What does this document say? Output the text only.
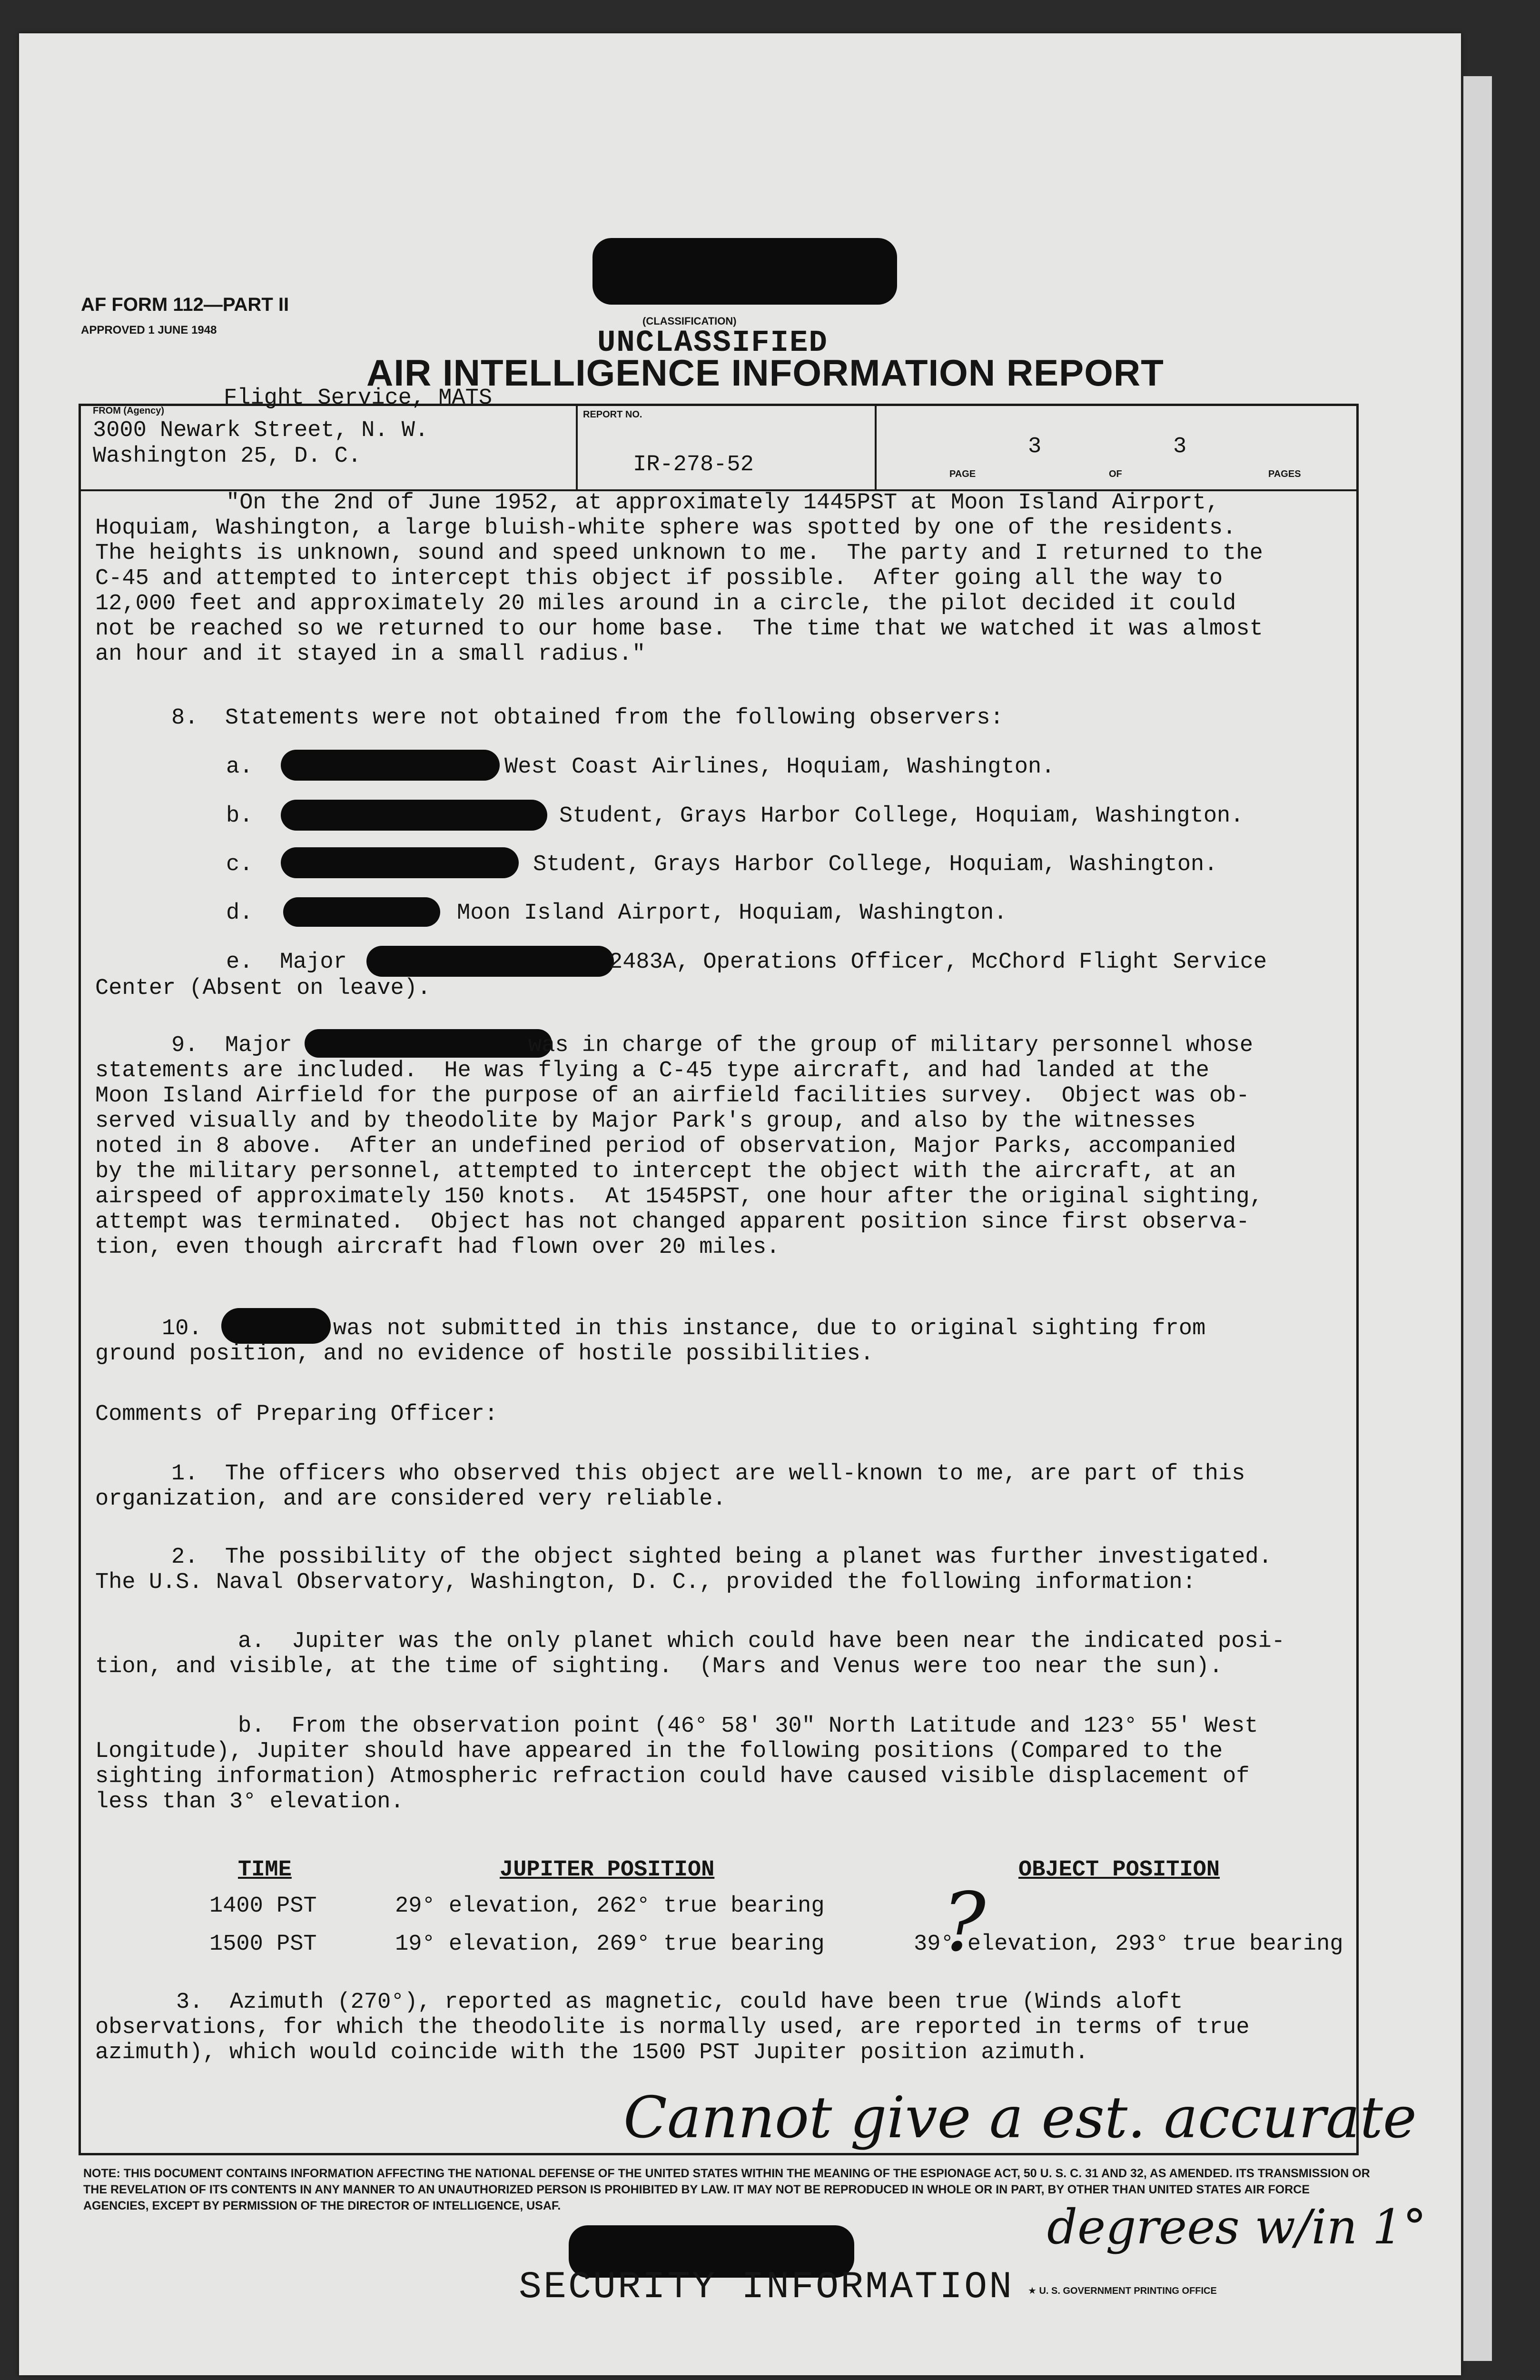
AF FORM 112—PART II
APPROVED 1 JUNE 1948
(CLASSIFICATION)
UNCLASSIFIED
AIR INTELLIGENCE INFORMATION REPORT
FROM (Agency)	Flight Service, MATS
3000 Newark Street, N. W.
Washington 25, D. C.
REPORT NO.
IR-278-52	PAGE
3
OF
3
PAGES
"On the 2nd of June 1952, at approximately 1445PST at Moon Island Airport,
Hoquiam, Washington, a large bluish-white sphere was spotted by one of the residents.
The heights is unknown, sound and speed unknown to me.  The party and I returned to the
C-45 and attempted to intercept this object if possible.  After going all the way to
12,000 feet and approximately 20 miles around in a circle, the pilot decided it could
not be reached so we returned to our home base.  The time that we watched it was almost
an hour and it stayed in a small radius."
8.  Statements were not obtained from the following observers:
a.	West Coast Airlines, Hoquiam, Washington.
b.	Student, Grays Harbor College, Hoquiam, Washington.
c.	Student, Grays Harbor College, Hoquiam, Washington.
d.	Moon Island Airport, Hoquiam, Washington.
e.  Major	2483A, Operations Officer, McChord Flight Service
Center (Absent on leave).
9.  Major	was in charge of the group of military personnel whose
statements are included.  He was flying a C-45 type aircraft, and had landed at the
Moon Island Airfield for the purpose of an airfield facilities survey.  Object was ob-
served visually and by theodolite by Major Park's group, and also by the witnesses
noted in 8 above.  After an undefined period of observation, Major Parks, accompanied
by the military personnel, attempted to intercept the object with the aircraft, at an
airspeed of approximately 150 knots.  At 1545PST, one hour after the original sighting,
attempt was terminated.  Object has not changed apparent position since first observa-
tion, even though aircraft had flown over 20 miles.
10.	was not submitted in this instance, due to original sighting from
ground position, and no evidence of hostile possibilities.
Comments of Preparing Officer:
1.  The officers who observed this object are well-known to me, are part of this
organization, and are considered very reliable.
2.  The possibility of the object sighted being a planet was further investigated.
The U.S. Naval Observatory, Washington, D. C., provided the following information:
a.  Jupiter was the only planet which could have been near the indicated posi-
tion, and visible, at the time of sighting.  (Mars and Venus were too near the sun).
b.  From the observation point (46° 58' 30" North Latitude and 123° 55' West
Longitude), Jupiter should have appeared in the following positions (Compared to the
sighting information) Atmospheric refraction could have caused visible displacement of
less than 3° elevation.
TIME	JUPITER POSITION	OBJECT POSITION
1400 PST	29° elevation, 262° true bearing
1500 PST	19° elevation, 269° true bearing	39° elevation, 293° true bearing
3.  Azimuth (270°), reported as magnetic, could have been true (Winds aloft
observations, for which the theodolite is normally used, are reported in terms of true
azimuth), which would coincide with the 1500 PST Jupiter position azimuth.
?
Cannot give a est. accurate
degrees w/in 1°
NOTE: THIS DOCUMENT CONTAINS INFORMATION AFFECTING THE NATIONAL DEFENSE OF THE UNITED STATES WITHIN THE MEANING OF THE ESPIONAGE ACT, 50 U. S. C. 31 AND 32, AS AMENDED. ITS TRANSMISSION OR THE REVELATION OF ITS CONTENTS IN ANY MANNER TO AN UNAUTHORIZED PERSON IS PROHIBITED BY LAW. IT MAY NOT BE REPRODUCED IN WHOLE OR IN PART, BY OTHER THAN UNITED STATES AIR FORCE AGENCIES, EXCEPT BY PERMISSION OF THE DIRECTOR OF INTELLIGENCE, USAF.
SECURITY INFORMATION ★ U. S. GOVERNMENT PRINTING OFFICE
